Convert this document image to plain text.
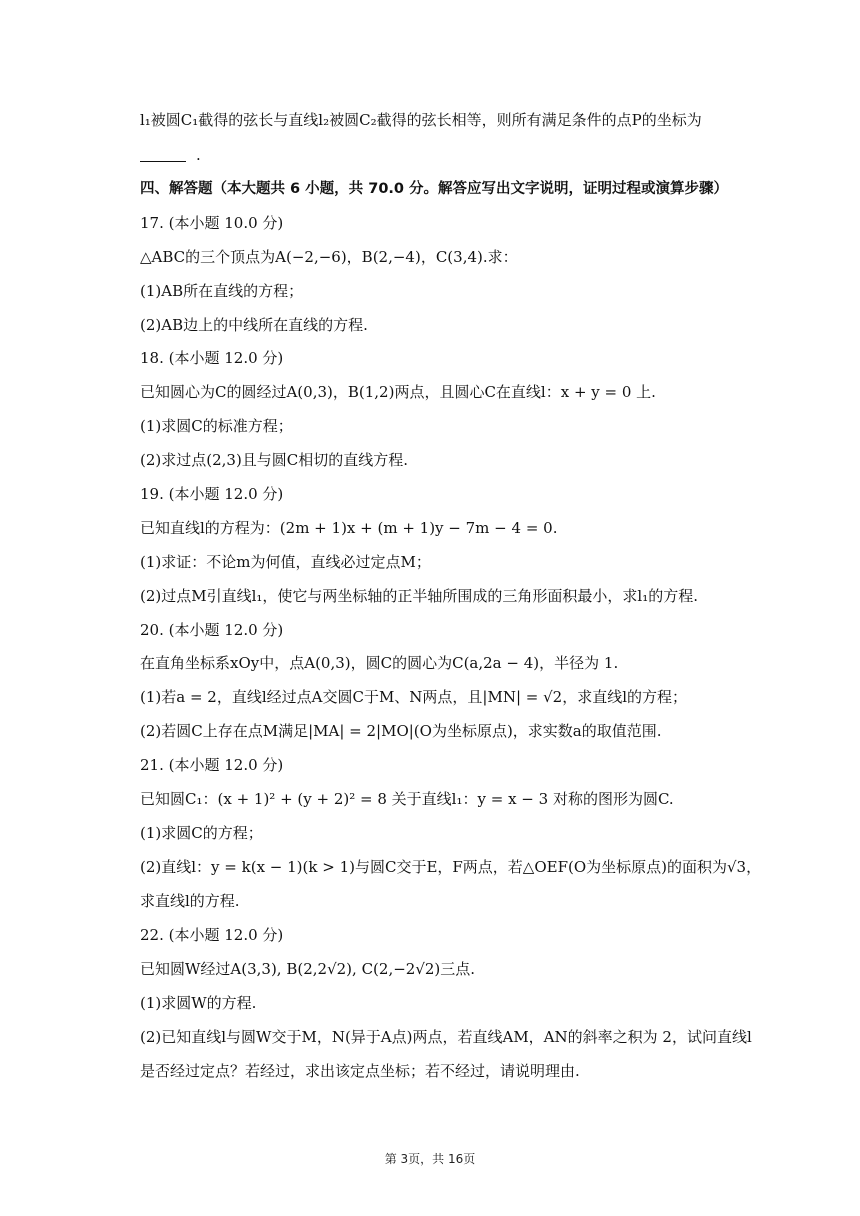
l₁被圆C₁截得的弦长与直线l₂被圆C₂截得的弦长相等，则所有满足条件的点P的坐标为
.
四、解答题（本大题共 6 小题，共 70.0 分。解答应写出文字说明，证明过程或演算步骤）
17. (本小题 10.0 分)
△ABC的三个顶点为A(−2,−6)，B(2,−4)，C(3,4).求：
(1)AB所在直线的方程；
(2)AB边上的中线所在直线的方程.
18. (本小题 12.0 分)
已知圆心为C的圆经过A(0,3)，B(1,2)两点，且圆心C在直线l：x + y = 0 上.
(1)求圆C的标准方程；
(2)求过点(2,3)且与圆C相切的直线方程.
19. (本小题 12.0 分)
已知直线l的方程为：(2m + 1)x + (m + 1)y − 7m − 4 = 0.
(1)求证：不论m为何值，直线必过定点M；
(2)过点M引直线l₁，使它与两坐标轴的正半轴所围成的三角形面积最小，求l₁的方程.
20. (本小题 12.0 分)
在直角坐标系xOy中，点A(0,3)，圆C的圆心为C(a,2a − 4)，半径为 1.
(1)若a = 2，直线l经过点A交圆C于M、N两点，且|MN| = √2，求直线l的方程；
(2)若圆C上存在点M满足|MA| = 2|MO|(O为坐标原点)，求实数a的取值范围.
21. (本小题 12.0 分)
已知圆C₁：(x + 1)² + (y + 2)² = 8 关于直线l₁：y = x − 3 对称的图形为圆C.
(1)求圆C的方程；
(2)直线l：y = k(x − 1)(k > 1)与圆C交于E，F两点，若△OEF(O为坐标原点)的面积为√3，
求直线l的方程.
22. (本小题 12.0 分)
已知圆W经过A(3,3), B(2,2√2), C(2,−2√2)三点.
(1)求圆W的方程.
(2)已知直线l与圆W交于M，N(异于A点)两点，若直线AM，AN的斜率之积为 2，试问直线l
是否经过定点？若经过，求出该定点坐标；若不经过，请说明理由.
第 3页，共 16页
